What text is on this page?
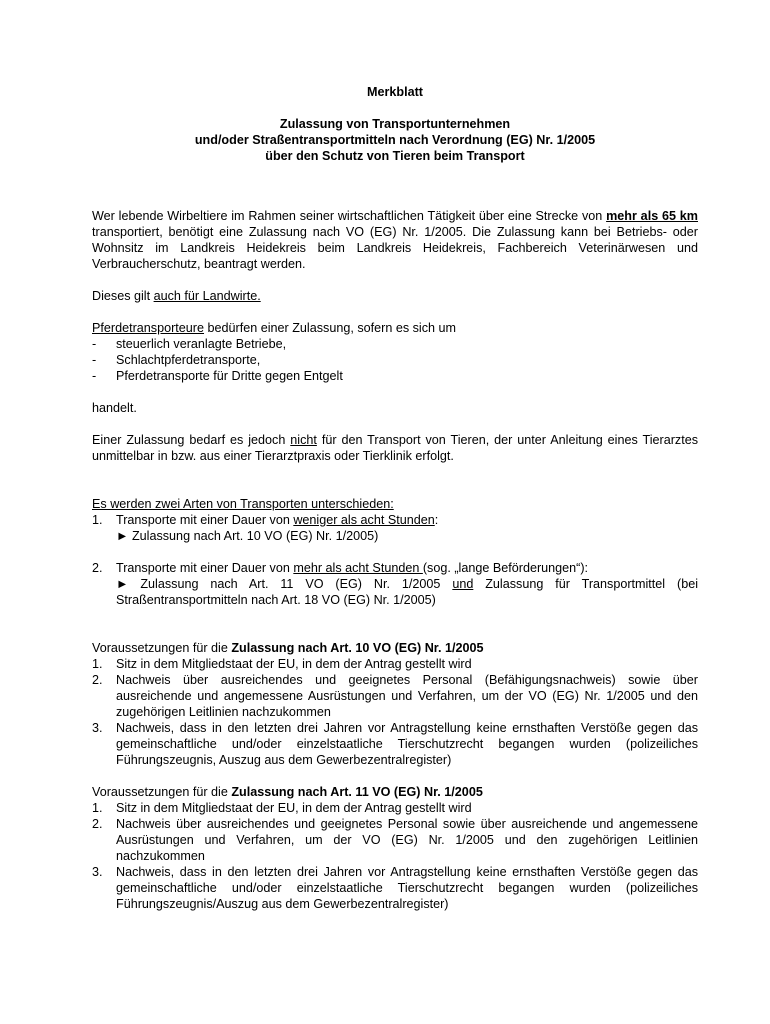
Merkblatt
Zulassung von Transportunternehmen
und/oder Straßentransportmitteln nach Verordnung (EG) Nr. 1/2005
über den Schutz von Tieren beim Transport

Wer lebende Wirbeltiere im Rahmen seiner wirtschaftlichen Tätigkeit über eine Strecke von mehr als 65 km transportiert, benötigt eine Zulassung nach VO (EG) Nr. 1/2005. Die Zulassung kann bei Betriebs- oder Wohnsitz im Landkreis Heidekreis beim Landkreis Heidekreis, Fachbereich Veterinärwesen und Verbraucherschutz, beantragt werden.

Dieses gilt auch für Landwirte.

Pferdetransporteure bedürfen einer Zulassung, sofern es sich um

- steuerlich veranlagte Betriebe,
- Schlachtpferdetransporte,
- Pferdetransporte für Dritte gegen Entgelt

handelt.

Einer Zulassung bedarf es jedoch nicht für den Transport von Tieren, der unter Anleitung eines Tierarztes unmittelbar in bzw. aus einer Tierarztpraxis oder Tierklinik erfolgt.

Es werden zwei Arten von Transporten unterschieden:

1. Transporte mit einer Dauer von weniger als acht Stunden:
► Zulassung nach Art. 10 VO (EG) Nr. 1/2005)
2. Transporte mit einer Dauer von mehr als acht Stunden (sog. „lange Beförderungen“):
► Zulassung nach Art. 11 VO (EG) Nr. 1/2005 und Zulassung für Transportmittel (bei Straßentransportmitteln nach Art. 18 VO (EG) Nr. 1/2005)

Voraussetzungen für die Zulassung nach Art. 10 VO (EG) Nr. 1/2005

1. Sitz in dem Mitgliedstaat der EU, in dem der Antrag gestellt wird
2. Nachweis über ausreichendes und geeignetes Personal (Befähigungsnachweis) sowie über ausreichende und angemessene Ausrüstungen und Verfahren, um der VO (EG) Nr. 1/2005 und den zugehörigen Leitlinien nachzukommen
3. Nachweis, dass in den letzten drei Jahren vor Antragstellung keine ernsthaften Verstöße gegen das gemeinschaftliche und/oder einzelstaatliche Tierschutzrecht begangen wurden (polizeiliches Führungszeugnis, Auszug aus dem Gewerbezentralregister)

Voraussetzungen für die Zulassung nach Art. 11 VO (EG) Nr. 1/2005

1. Sitz in dem Mitgliedstaat der EU, in dem der Antrag gestellt wird
2. Nachweis über ausreichendes und geeignetes Personal sowie über ausreichende und angemessene Ausrüstungen und Verfahren, um der VO (EG) Nr. 1/2005 und den zugehörigen Leitlinien nachzukommen
3. Nachweis, dass in den letzten drei Jahren vor Antragstellung keine ernsthaften Verstöße gegen das gemeinschaftliche und/oder einzelstaatliche Tierschutzrecht begangen wurden (polizeiliches Führungszeugnis/Auszug aus dem Gewerbezentralregister)
